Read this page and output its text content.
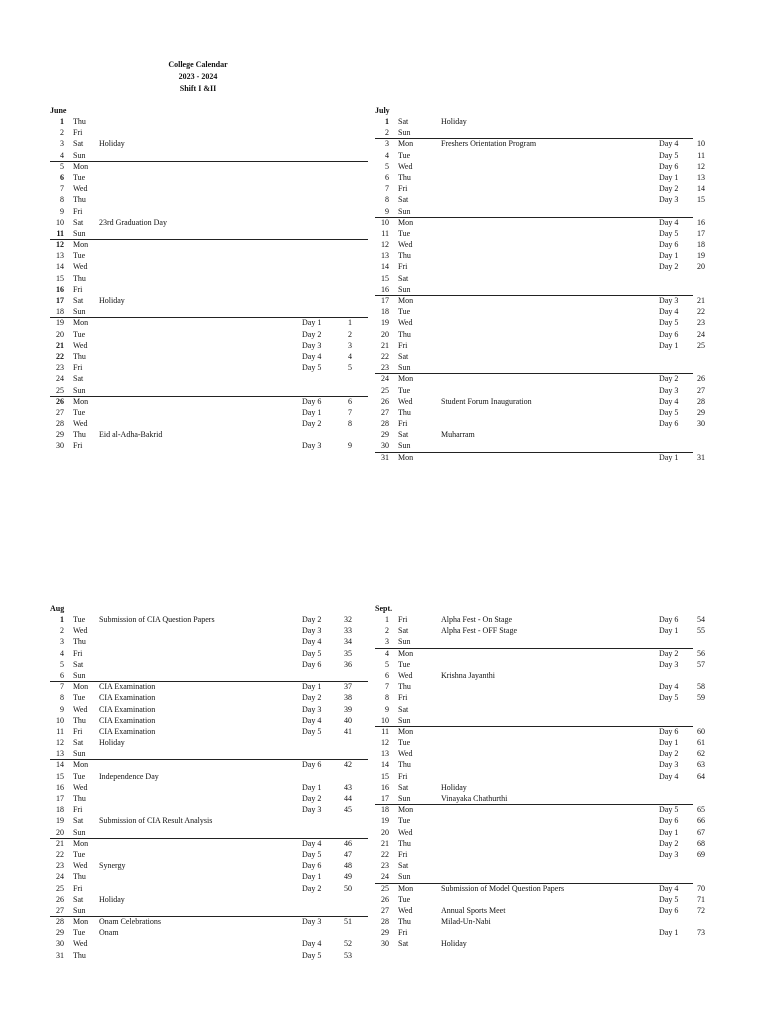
College Calendar
2023 - 2024
Shift I &II
June
1 Thu
2 Fri
3 Sat Holiday
4 Sun
5 Mon
6 Tue
7 Wed
8 Thu
9 Fri
10 Sat 23rd Graduation Day
11 Sun
12 Mon
13 Tue
14 Wed
15 Thu
16 Fri
17 Sat Holiday
18 Sun
19 Mon	Day 1	1
20 Tue	Day 2	2
21 Wed	Day 3	3
22 Thu	Day 4	4
23 Fri	Day 5	5
24 Sat
25 Sun
26 Mon	Day 6	6
27 Tue	Day 1	7
28 Wed	Day 2	8
29 Thu Eid al-Adha-Bakrid
30 Fri	Day 3	9
July
1 Sat	Holiday
2 Sun
3 Mon	Freshers Orientation Program	Day 4	10
4 Tue	Day 5	11
5 Wed	Day 6	12
6 Thu	Day 1	13
7 Fri	Day 2	14
8 Sat	Day 3	15
9 Sun
10 Mon	Day 4	16
11 Tue	Day 5	17
12 Wed	Day 6	18
13 Thu	Day 1	19
14 Fri	Day 2	20
15 Sat
16 Sun
17 Mon	Day 3	21
18 Tue	Day 4	22
19 Wed	Day 5	23
20 Thu	Day 6	24
21 Fri	Day 1	25
22 Sat
23 Sun
24 Mon	Day 2	26
25 Tue	Day 3	27
26 Wed	Student Forum Inauguration	Day 4	28
27 Thu	Day 5	29
28 Fri	Day 6	30
29 Sat	Muharram
30 Sun
31 Mon	Day 1	31
Aug
1 Tue Submission of CIA Question Papers	Day 2	32
2 Wed	Day 3	33
3 Thu	Day 4	34
4 Fri	Day 5	35
5 Sat	Day 6	36
6 Sun
7 Mon CIA Examination	Day 1	37
8 Tue CIA Examination	Day 2	38
9 Wed CIA Examination	Day 3	39
10 Thu CIA Examination	Day 4	40
11 Fri CIA Examination	Day 5	41
12 Sat Holiday
13 Sun
14 Mon	Day 6	42
15 Tue Independence Day
16 Wed	Day 1	43
17 Thu	Day 2	44
18 Fri	Day 3	45
19 Sat Submission of CIA Result Analysis
20 Sun
21 Mon	Day 4	46
22 Tue	Day 5	47
23 Wed Synergy	Day 6	48
24 Thu	Day 1	49
25 Fri	Day 2	50
26 Sat Holiday
27 Sun
28 Mon Onam Celebrations	Day 3	51
29 Tue Onam
30 Wed	Day 4	52
31 Thu	Day 5	53
Sept.
1 Fri	Alpha Fest - On Stage	Day 6	54
2 Sat	Alpha Fest - OFF Stage	Day 1	55
3 Sun
4 Mon	Day 2	56
5 Tue	Day 3	57
6 Wed	Krishna Jayanthi
7 Thu	Day 4	58
8 Fri	Day 5	59
9 Sat
10 Sun
11 Mon	Day 6	60
12 Tue	Day 1	61
13 Wed	Day 2	62
14 Thu	Day 3	63
15 Fri	Day 4	64
16 Sat	Holiday
17 Sun	Vinayaka Chathurthi
18 Mon	Day 5	65
19 Tue	Day 6	66
20 Wed	Day 1	67
21 Thu	Day 2	68
22 Fri	Day 3	69
23 Sat
24 Sun
25 Mon	Submission of Model Question Papers	Day 4	70
26 Tue	Day 5	71
27 Wed	Annual Sports Meet	Day 6	72
28 Thu	Milad-Un-Nabi
29 Fri	Day 1	73
30 Sat	Holiday
